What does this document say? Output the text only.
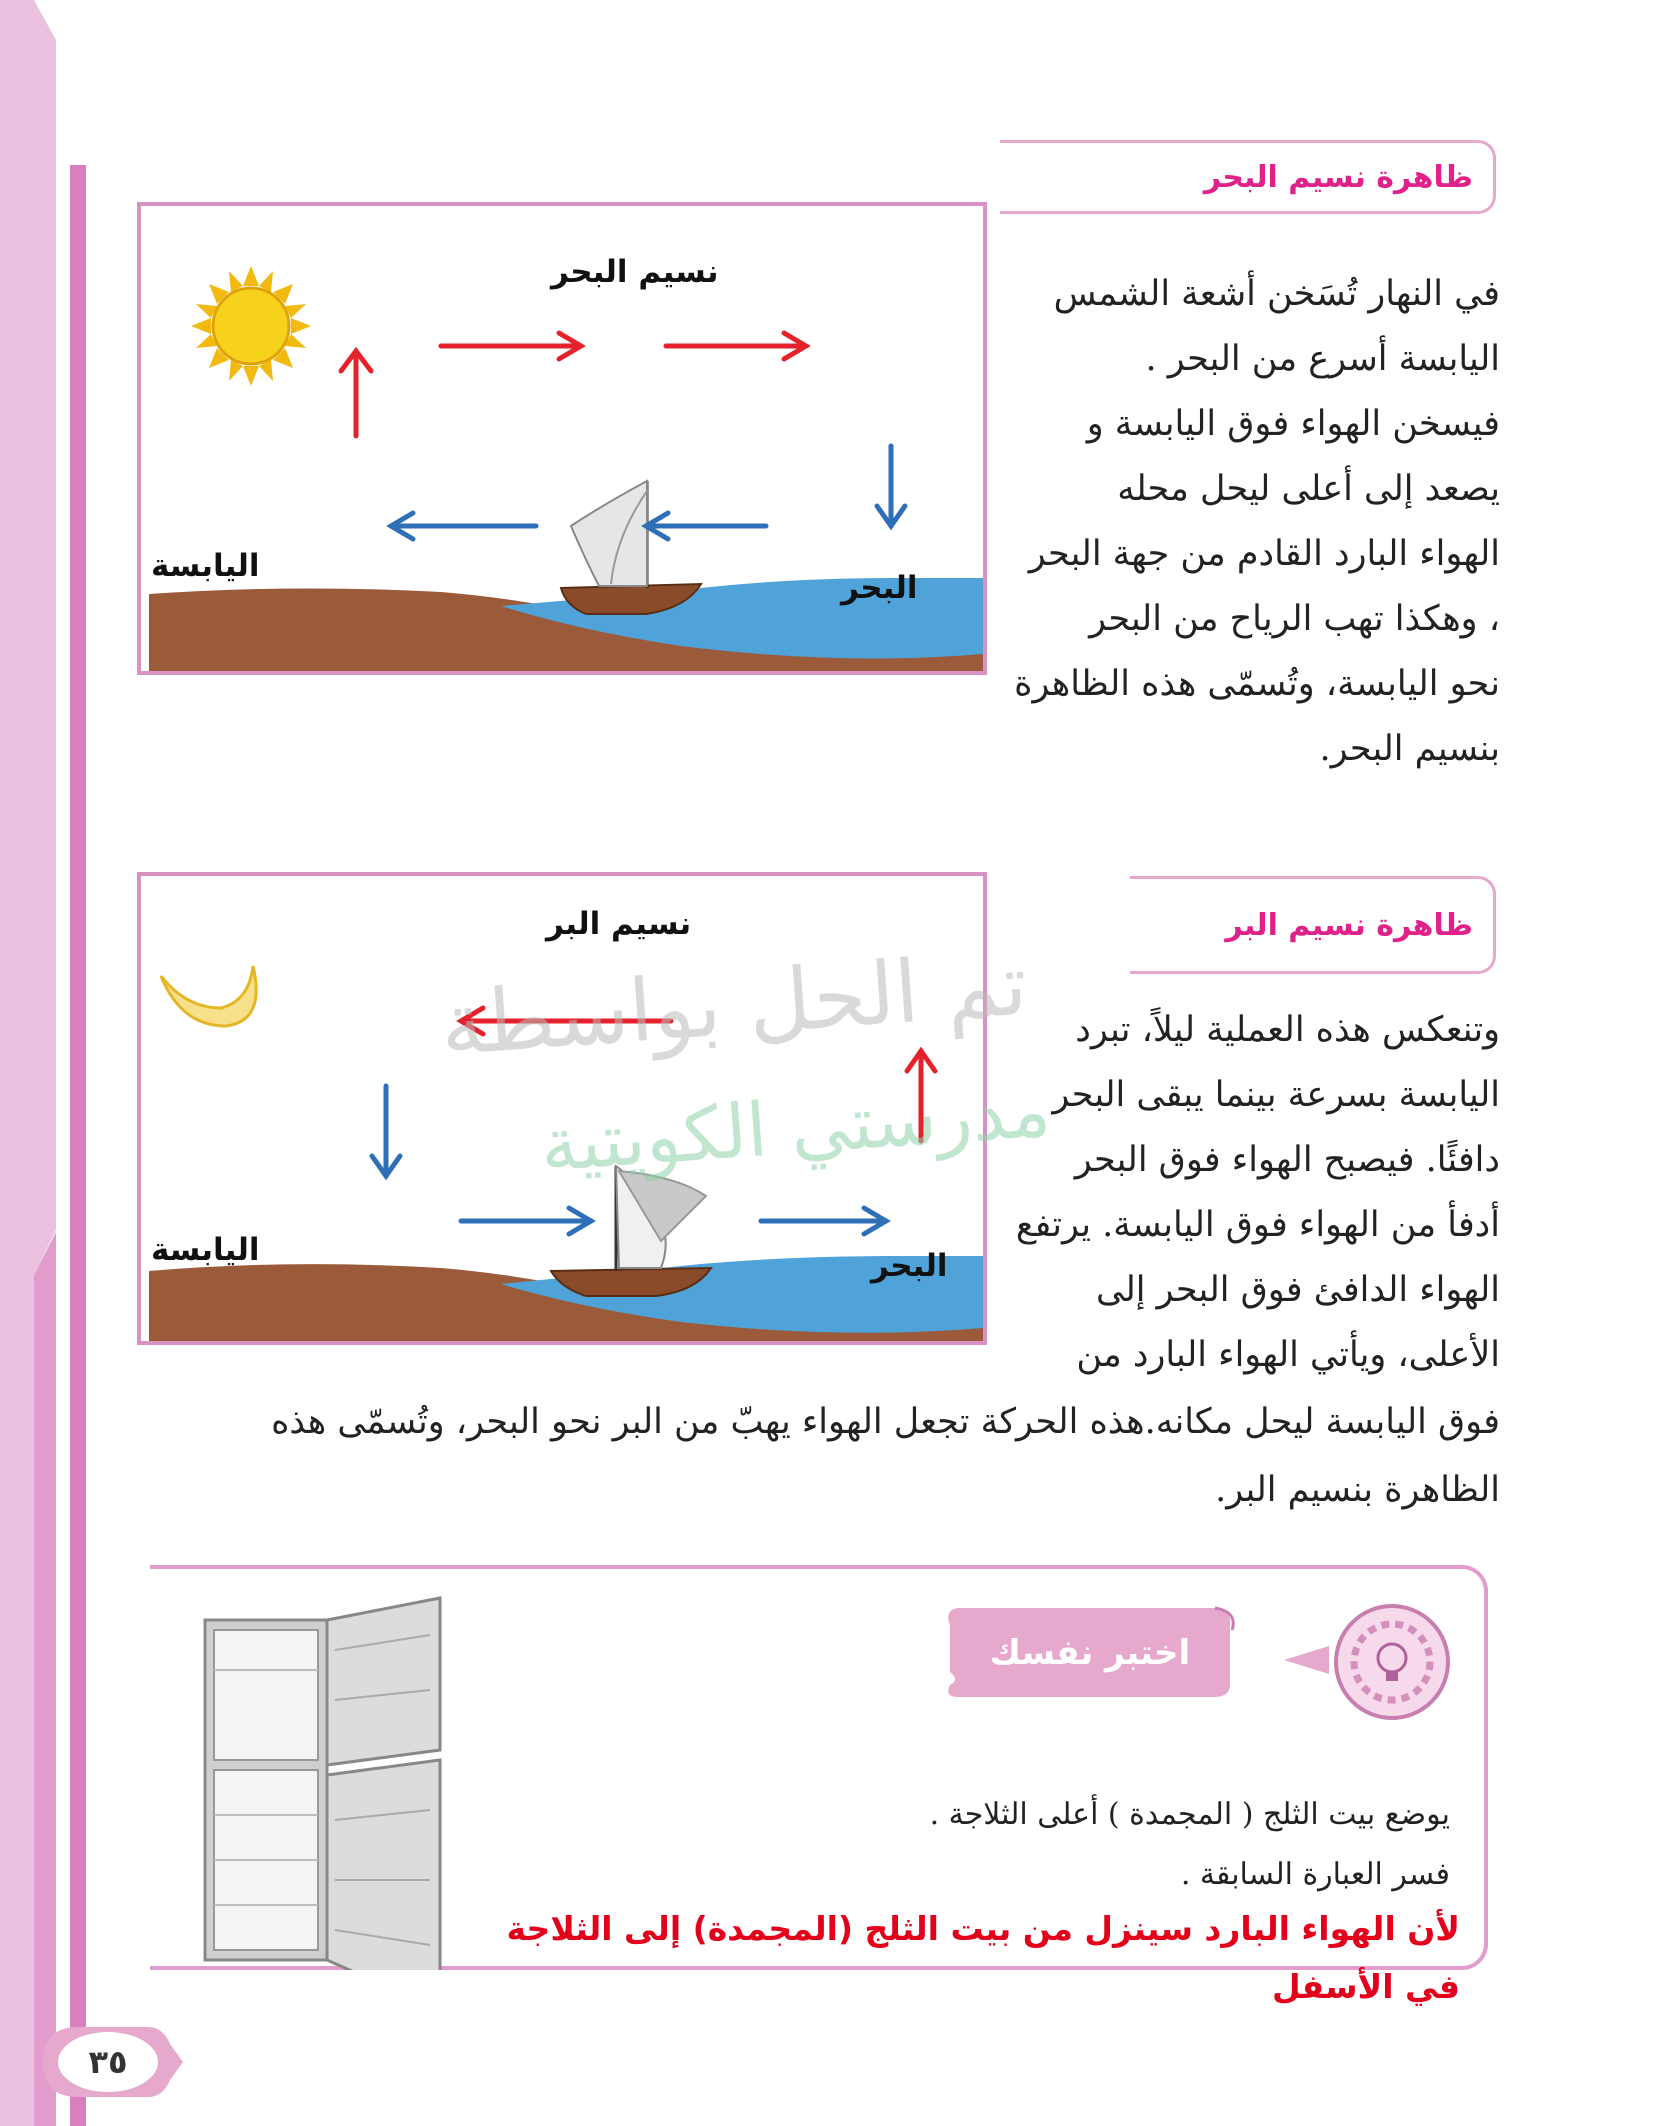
ظاهرة نسيم البحر
في النهار تُسَخن أشعة الشمس
اليابسة أسرع من البحر .
فيسخن الهواء فوق اليابسة و
يصعد إلى أعلى ليحل محله
الهواء البارد القادم من جهة البحر
، وهكذا تهب الرياح من البحر
نحو اليابسة، وتُسمّى هذه الظاهرة
بنسيم البحر.
نسيم البحر
اليابسة
البحر
ظاهرة نسيم البر
نسيم البر
اليابسة	البحر
وتنعكس هذه العملية ليلاً، تبرد
اليابسة بسرعة بينما يبقى البحر
دافئًا. فيصبح الهواء فوق البحر
أدفأ من الهواء فوق اليابسة. يرتفع
الهواء الدافئ فوق البحر إلى
الأعلى، ويأتي الهواء البارد من
فوق اليابسة ليحل مكانه.هذه الحركة تجعل الهواء يهبّ من البر نحو البحر، وتُسمّى هذه
الظاهرة بنسيم البر.
تم الحل بواسطة
مدرستي الكويتية
اختبر نفسك
يوضع بيت الثلج ( المجمدة ) أعلى الثلاجة .
فسر العبارة السابقة .
لأن الهواء البارد سينزل من بيت الثلج (المجمدة) إلى الثلاجة
في الأسفل
٣٥
